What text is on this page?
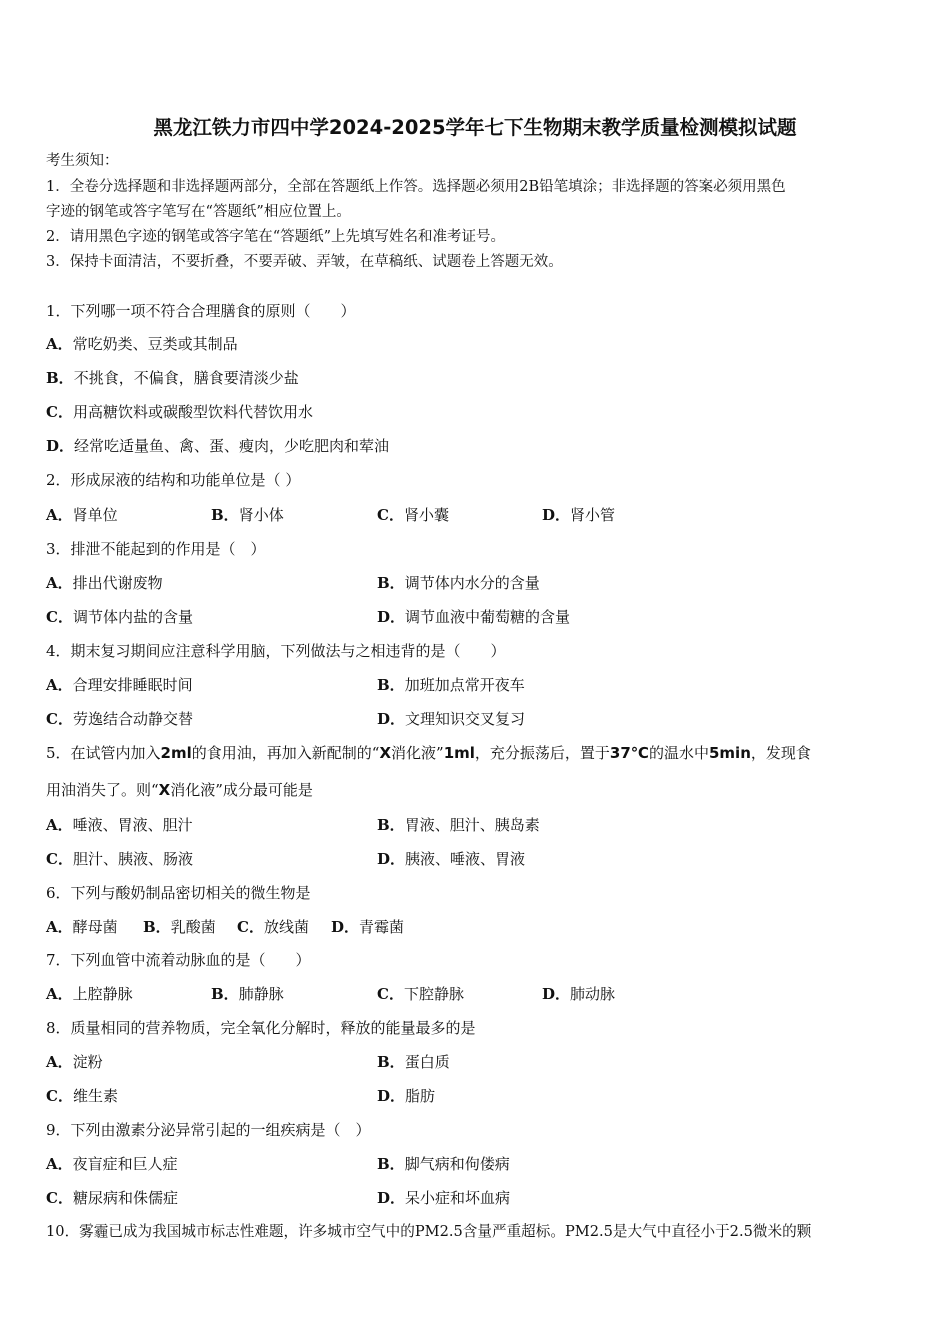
黑龙江铁力市四中学2024-2025学年七下生物期末教学质量检测模拟试题
考生须知：
1．全卷分选择题和非选择题两部分，全部在答题纸上作答。选择题必须用2B铅笔填涂；非选择题的答案必须用黑色
字迹的钢笔或答字笔写在“答题纸”相应位置上。
2．请用黑色字迹的钢笔或答字笔在“答题纸”上先填写姓名和准考证号。
3．保持卡面清洁，不要折叠，不要弄破、弄皱，在草稿纸、试题卷上答题无效。
1．下列哪一项不符合合理膳食的原则（　　）
A．常吃奶类、豆类或其制品
B．不挑食，不偏食，膳食要清淡少盐
C．用高糖饮料或碳酸型饮料代替饮用水
D．经常吃适量鱼、禽、蛋、瘦肉，少吃肥肉和荤油
2．形成尿液的结构和功能单位是（ ）
A．肾单位	B．肾小体	C．肾小囊	D．肾小管
3．排泄不能起到的作用是（　）
A．排出代谢废物	B．调节体内水分的含量
C．调节体内盐的含量	D．调节血液中葡萄糖的含量
4．期末复习期间应注意科学用脑，下列做法与之相违背的是（　　）
A．合理安排睡眠时间	B．加班加点常开夜车
C．劳逸结合动静交替	D．文理知识交叉复习
5．在试管内加入2ml的食用油，再加入新配制的“X消化液”1ml，充分振荡后，置于37℃的温水中5min，发现食
用油消失了。则“X消化液”成分最可能是
A．唾液、胃液、胆汁	B．胃液、胆汁、胰岛素
C．胆汁、胰液、肠液	D．胰液、唾液、胃液
6．下列与酸奶制品密切相关的微生物是
A．酵母菌 B．乳酸菌 C．放线菌 D．青霉菌
7．下列血管中流着动脉血的是（　　）
A．上腔静脉	B．肺静脉	C．下腔静脉	D．肺动脉
8．质量相同的营养物质，完全氧化分解时，释放的能量最多的是
A．淀粉	B．蛋白质
C．维生素	D．脂肪
9．下列由激素分泌异常引起的一组疾病是（　）
A．夜盲症和巨人症	B．脚气病和佝偻病
C．糖尿病和侏儒症	D．呆小症和坏血病
10．雾霾已成为我国城市标志性难题，许多城市空气中的PM2.5含量严重超标。PM2.5是大气中直径小于2.5微米的颗
